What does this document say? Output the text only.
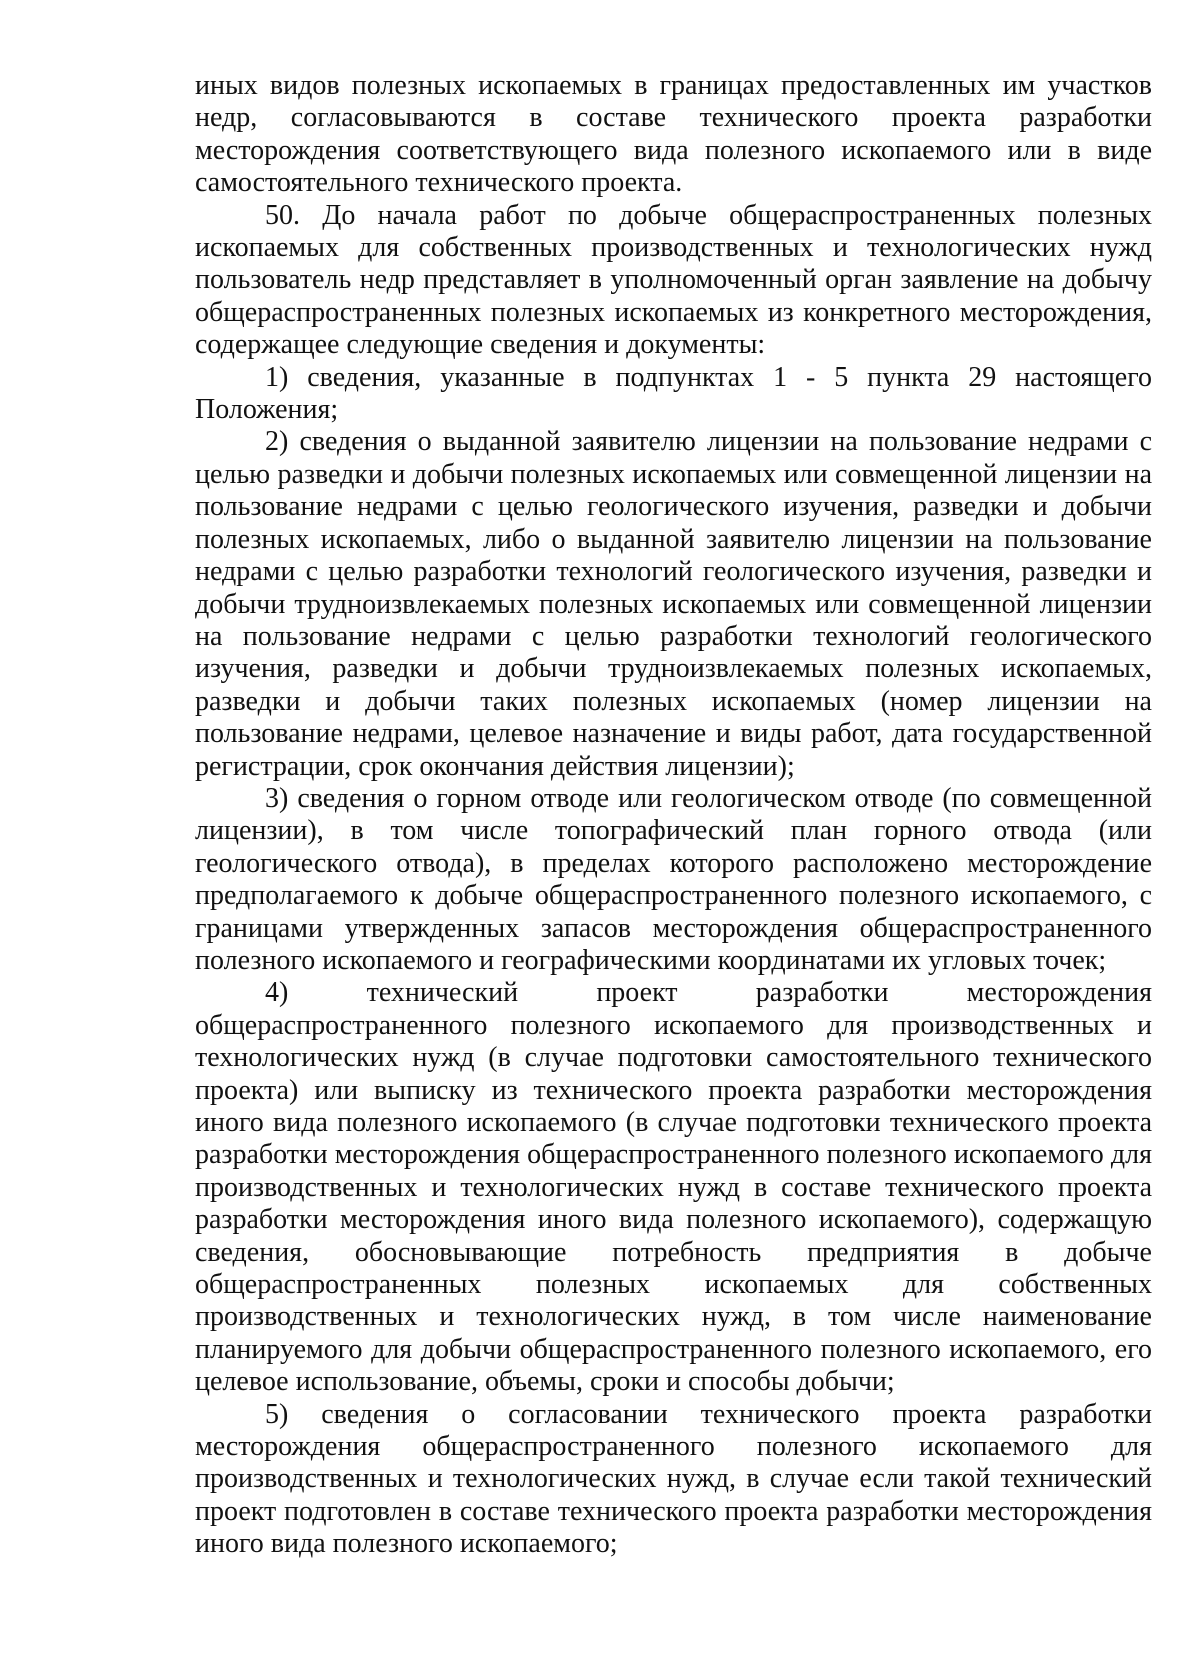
иных видов полезных ископаемых в границах предоставленных им участков недр, согласовываются в составе технического проекта разработки месторождения соответствующего вида полезного ископаемого или в виде самостоятельного технического проекта.

50. До начала работ по добыче общераспространенных полезных ископаемых для собственных производственных и технологических нужд пользователь недр представляет в уполномоченный орган заявление на добычу общераспространенных полезных ископаемых из конкретного месторождения, содержащее следующие сведения и документы:

1) сведения, указанные в подпунктах 1 - 5 пункта 29 настоящего Положения;

2) сведения о выданной заявителю лицензии на пользование недрами с целью разведки и добычи полезных ископаемых или совмещенной лицензии на пользование недрами с целью геологического изучения, разведки и добычи полезных ископаемых, либо о выданной заявителю лицензии на пользование недрами с целью разработки технологий геологического изучения, разведки и добычи трудноизвлекаемых полезных ископаемых или совмещенной лицензии на пользование недрами с целью разработки технологий геологического изучения, разведки и добычи трудноизвлекаемых полезных ископаемых, разведки и добычи таких полезных ископаемых (номер лицензии на пользование недрами, целевое назначение и виды работ, дата государственной регистрации, срок окончания действия лицензии);

3) сведения о горном отводе или геологическом отводе (по совмещенной лицензии), в том числе топографический план горного отвода (или геологического отвода), в пределах которого расположено месторождение предполагаемого к добыче общераспространенного полезного ископаемого, с границами утвержденных запасов месторождения общераспространенного полезного ископаемого и географическими координатами их угловых точек;

4) технический проект разработки месторождения общераспространенного полезного ископаемого для производственных и технологических нужд (в случае подготовки самостоятельного технического проекта) или выписку из технического проекта разработки месторождения иного вида полезного ископаемого (в случае подготовки технического проекта разработки месторождения общераспространенного полезного ископаемого для производственных и технологических нужд в составе технического проекта разработки месторождения иного вида полезного ископаемого), содержащую сведения, обосновывающие потребность предприятия в добыче общераспространенных полезных ископаемых для собственных производственных и технологических нужд, в том числе наименование планируемого для добычи общераспространенного полезного ископаемого, его целевое использование, объемы, сроки и способы добычи;

5) сведения о согласовании технического проекта разработки месторождения общераспространенного полезного ископаемого для производственных и технологических нужд, в случае если такой технический проект подготовлен в составе технического проекта разработки месторождения иного вида полезного ископаемого;
